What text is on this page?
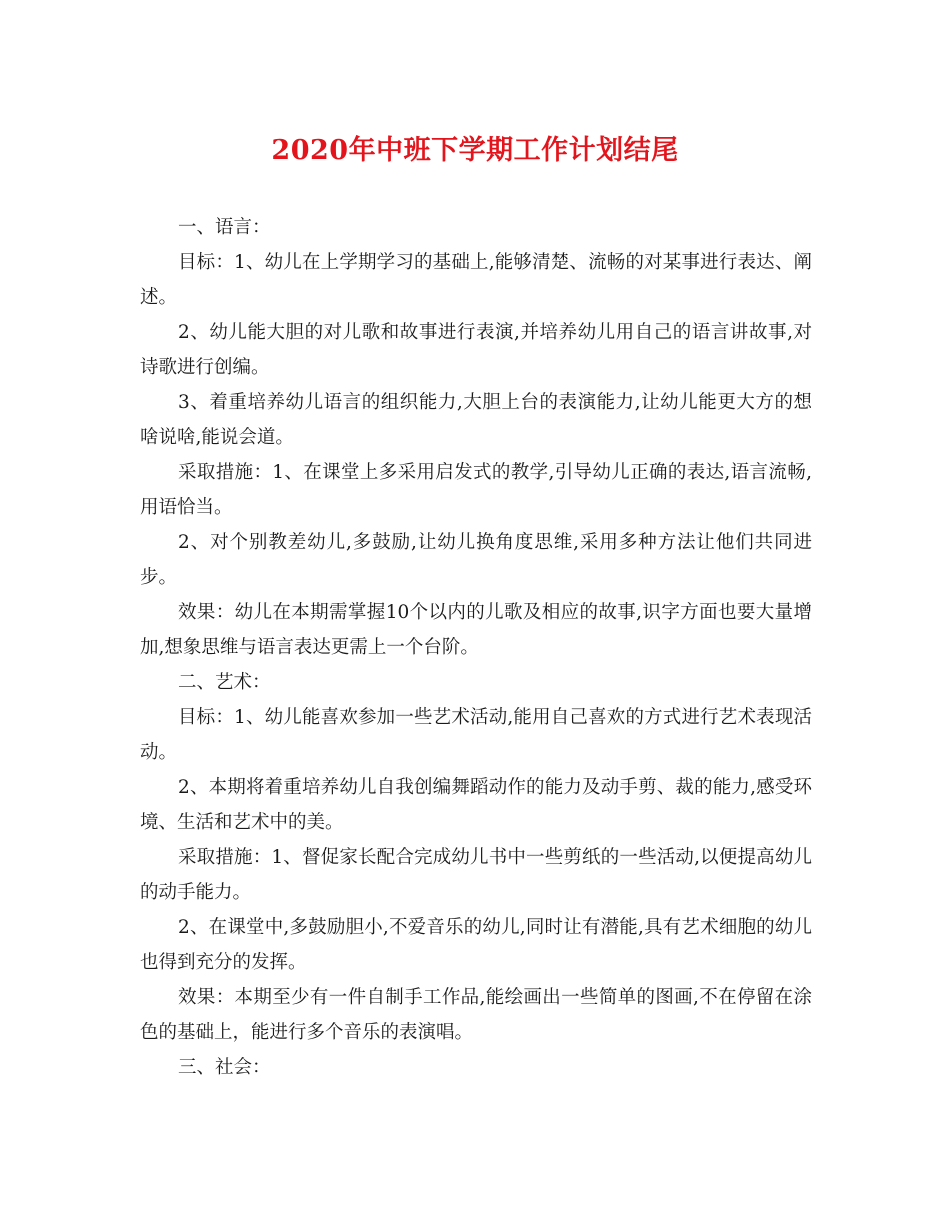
2020年中班下学期工作计划结尾

一、语言：

目标：1、幼儿在上学期学习的基础上,能够清楚、流畅的对某事进行表达、阐述。

2、幼儿能大胆的对儿歌和故事进行表演,并培养幼儿用自己的语言讲故事,对诗歌进行创编。

3、着重培养幼儿语言的组织能力,大胆上台的表演能力,让幼儿能更大方的想啥说啥,能说会道。

采取措施：1、在课堂上多采用启发式的教学,引导幼儿正确的表达,语言流畅,用语恰当。

2、对个别教差幼儿,多鼓励,让幼儿换角度思维,采用多种方法让他们共同进步。

效果：幼儿在本期需掌握10个以内的儿歌及相应的故事,识字方面也要大量增加,想象思维与语言表达更需上一个台阶。

二、艺术：

目标：1、幼儿能喜欢参加一些艺术活动,能用自己喜欢的方式进行艺术表现活动。

2、本期将着重培养幼儿自我创编舞蹈动作的能力及动手剪、裁的能力,感受环境、生活和艺术中的美。

采取措施：1、督促家长配合完成幼儿书中一些剪纸的一些活动,以便提高幼儿的动手能力。

2、在课堂中,多鼓励胆小,不爱音乐的幼儿,同时让有潜能,具有艺术细胞的幼儿也得到充分的发挥。

效果：本期至少有一件自制手工作品,能绘画出一些简单的图画,不在停留在涂色的基础上，能进行多个音乐的表演唱。

三、社会：
